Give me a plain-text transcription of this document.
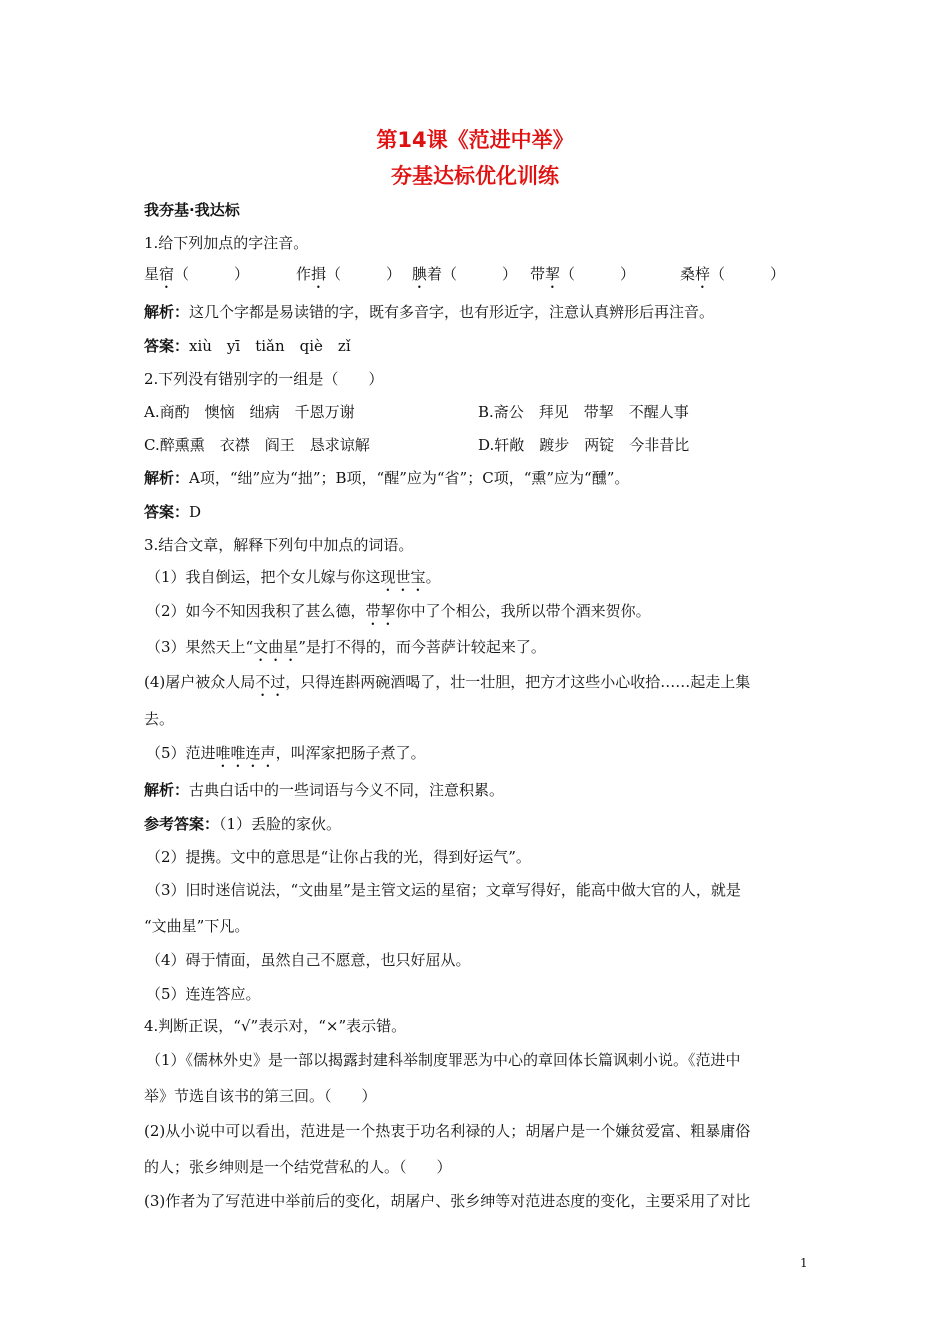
第14课《范进中举》
夯基达标优化训练
我夯基·我达标
1.给下列加点的字注音。
星宿（　　　）	作揖（　　　） 腆着（　　　） 带挈（　　　）	桑梓（　　　）
解析：这几个字都是易读错的字，既有多音字，也有形近字，注意认真辨形后再注音。
答案：xiù　yī　tiǎn　qiè　zǐ
2.下列没有错别字的一组是（　　）
A.商酌　懊恼　绌病　千恩万谢	B.斋公　拜见　带挈　不醒人事
C.醉熏熏　衣襟　阎王　恳求谅解	D.轩敞　踱步　两锭　今非昔比
解析：A项，“绌”应为“拙”；B项，“醒”应为“省”；C项，“熏”应为“醺”。
答案：D
3.结合文章，解释下列句中加点的词语。
（1）我自倒运，把个女儿嫁与你这现世宝。
（2）如今不知因我积了甚么德，带挈你中了个相公，我所以带个酒来贺你。
（3）果然天上“文曲星”是打不得的，而今菩萨计较起来了。
(4)屠户被众人局不过，只得连斟两碗酒喝了，壮一壮胆，把方才这些小心收拾……起走上集
去。
（5）范进唯唯连声，叫浑家把肠子煮了。
解析：古典白话中的一些词语与今义不同，注意积累。
参考答案：（1）丢脸的家伙。
（2）提携。文中的意思是“让你占我的光，得到好运气”。
（3）旧时迷信说法，“文曲星”是主管文运的星宿；文章写得好，能高中做大官的人，就是
“文曲星”下凡。
（4）碍于情面，虽然自己不愿意，也只好屈从。
（5）连连答应。
4.判断正误，“√”表示对，“×”表示错。
（1）《儒林外史》是一部以揭露封建科举制度罪恶为中心的章回体长篇讽刺小说。《范进中
举》节选自该书的第三回。（　　）
(2)从小说中可以看出，范进是一个热衷于功名利禄的人；胡屠户是一个嫌贫爱富、粗暴庸俗
的人；张乡绅则是一个结党营私的人。（　　）
(3)作者为了写范进中举前后的变化，胡屠户、张乡绅等对范进态度的变化，主要采用了对比
1
